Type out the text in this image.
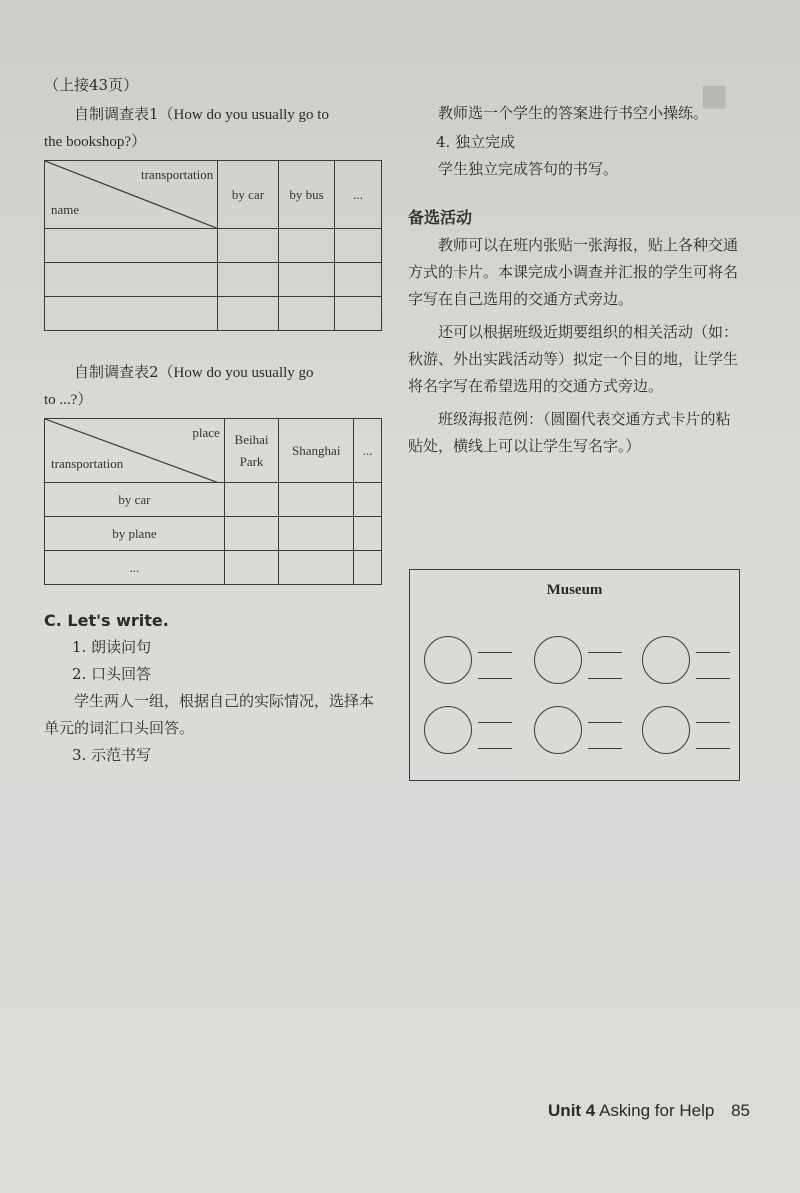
■

（上接43页）

自制调查表1（How do you usually go to

the bookshop?）

transportation
name	by car	by bus	...

自制调查表2（How do you usually go

to ...?）

place
transportation	Beihai Park	Shanghai	...
by car			
by plane			
...			
C. Let's write.

1. 朗读问句

2. 口头回答

学生两人一组，根据自己的实际情况，选择本单元的词汇口头回答。

3. 示范书写

教师选一个学生的答案进行书空小操练。

4. 独立完成

学生独立完成答句的书写。

备选活动

教师可以在班内张贴一张海报，贴上各种交通方式的卡片。本课完成小调查并汇报的学生可将名字写在自己选用的交通方式旁边。

还可以根据班级近期要组织的相关活动（如：秋游、外出实践活动等）拟定一个目的地，让学生将名字写在希望选用的交通方式旁边。

班级海报范例：（圆圈代表交通方式卡片的粘贴处，横线上可以让学生写名字。）

Museum
Unit 4 Asking for Help 85
